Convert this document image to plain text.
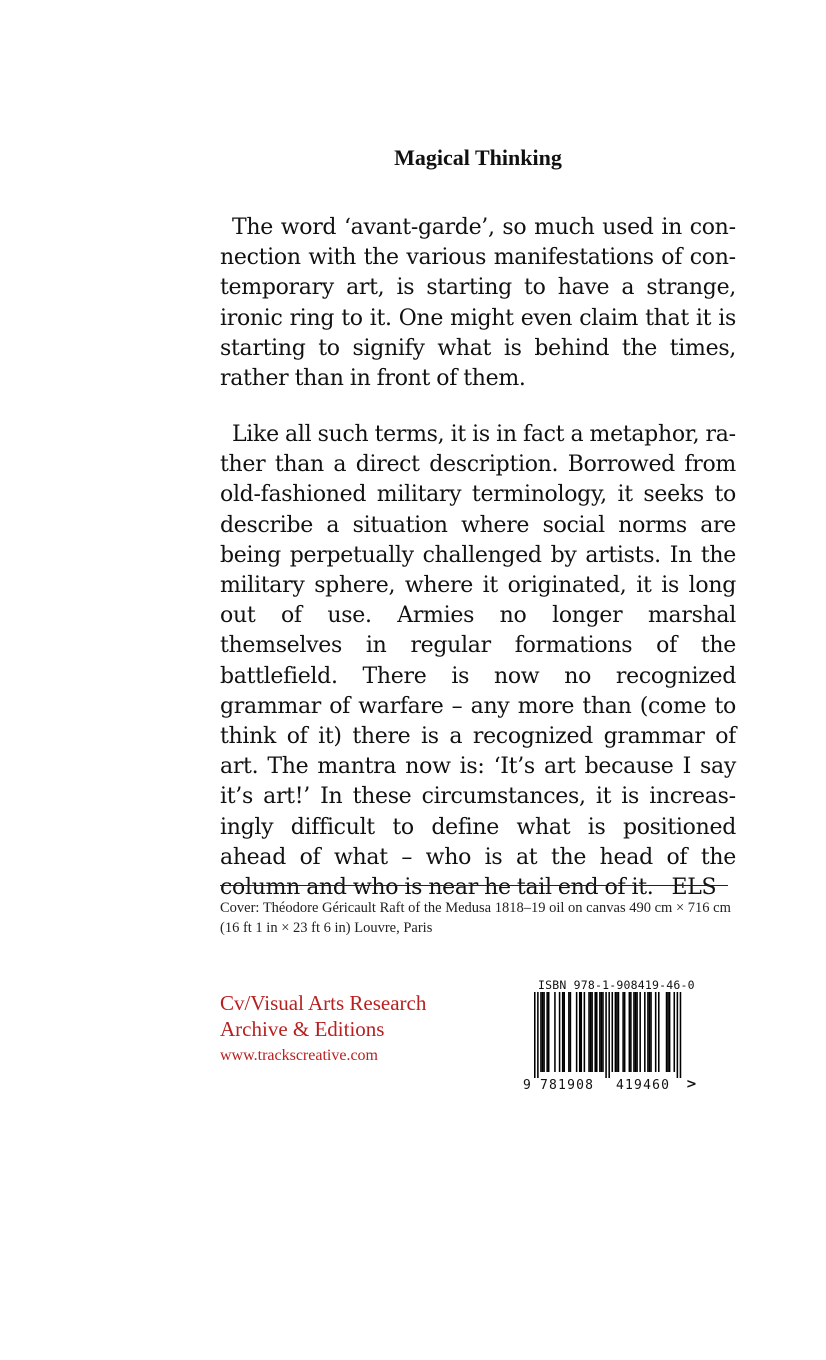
Magical Thinking

The word ‘avant-garde’, so much used in connection with the various manifestations of contemporary art, is starting to have a strange, ironic ring to it. One might even claim that it is starting to signify what is behind the times, rather than in front of them.

Like all such terms, it is in fact a metaphor, rather than a direct description. Borrowed from old-fashioned military terminology, it seeks to describe a situation where social norms are being perpetually challenged by artists. In the military sphere, where it originated, it is long out of use. Armies no longer marshal themselves in regular formations of the battlefield. There is now no recognized grammar of warfare – any more than (come to think of it) there is a recognized grammar of art. The mantra now is: ‘It’s art because I say it’s art!’ In these circumstances, it is increasingly difficult to define what is positioned ahead of what – who is at the head of the column and who is near he tail end of it. ELS

Cover: Théodore Géricault Raft of the Medusa 1818–19 oil on canvas 490 cm × 716 cm (16 ft 1 in × 23 ft 6 in) Louvre, Paris
Cv/Visual Arts Research
Archive & Editions
www.trackscreative.com
ISBN 978-1-908419-46-0
9 781908 419460 >
